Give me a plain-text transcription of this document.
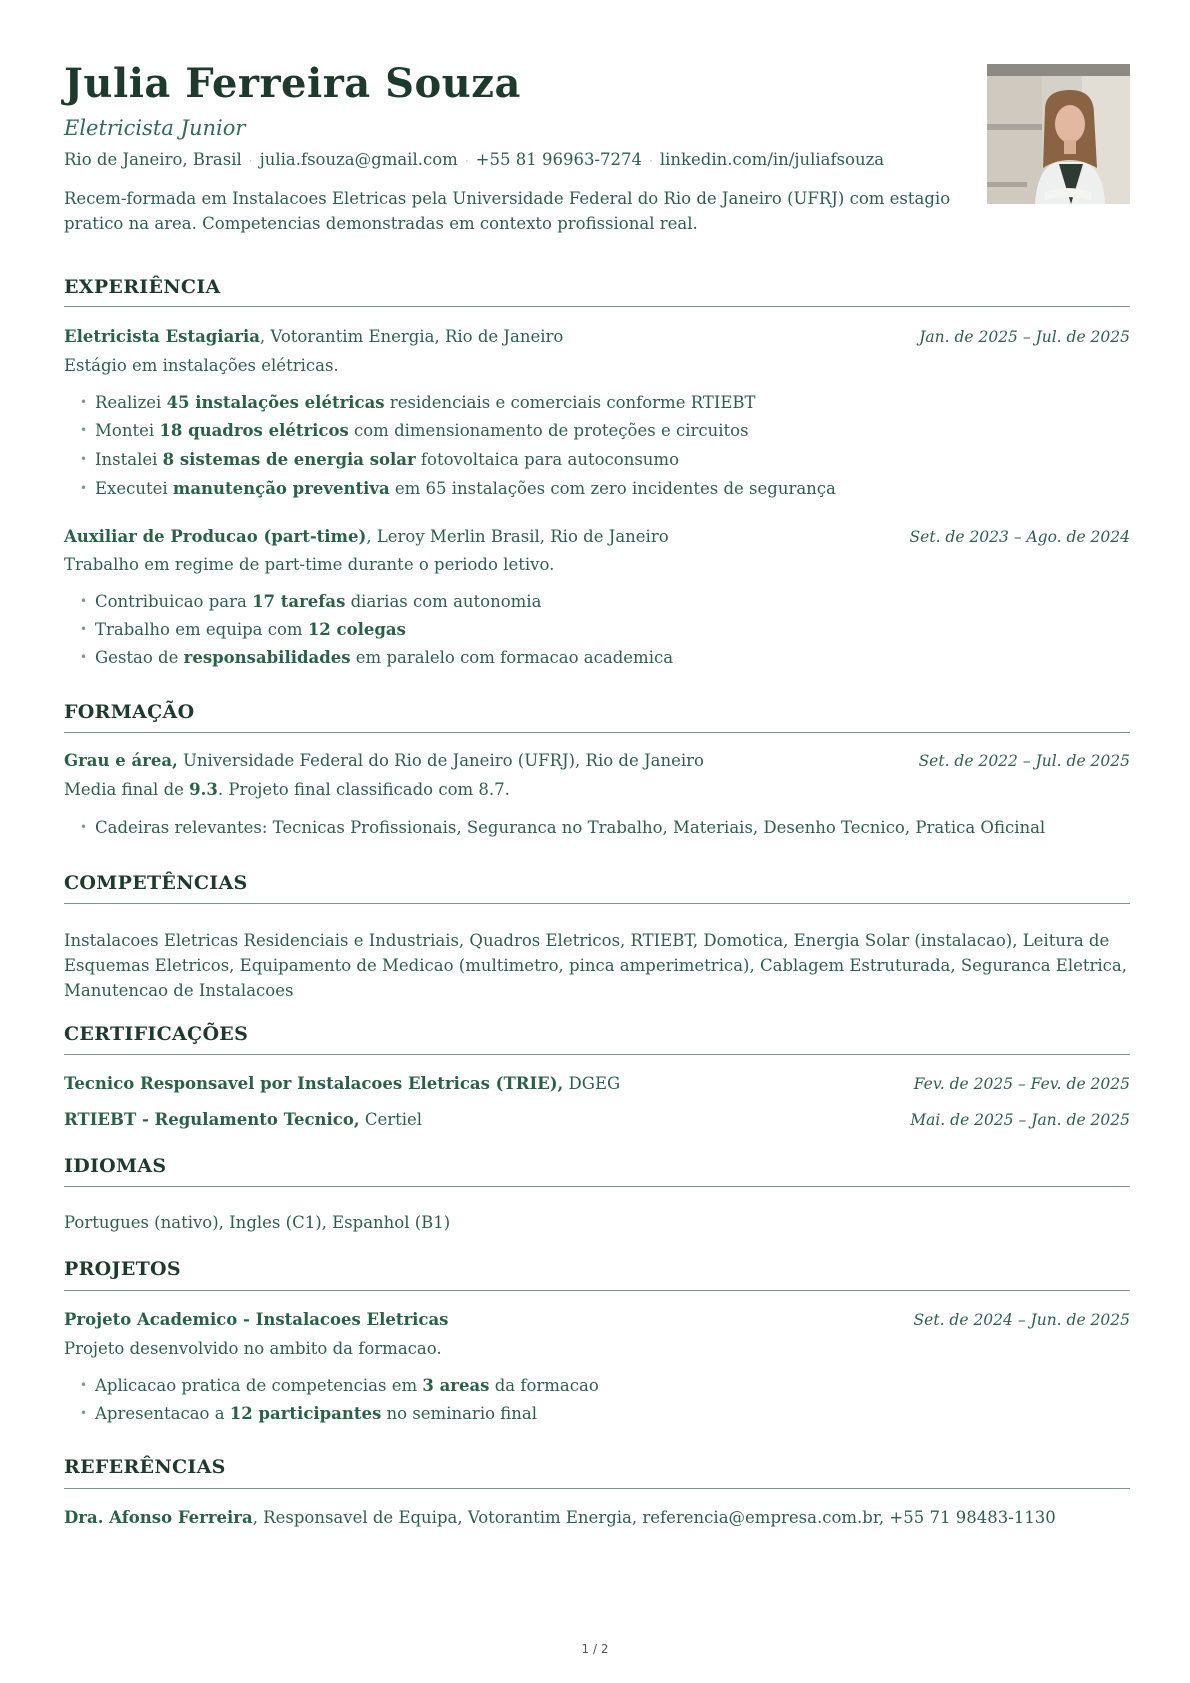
Julia Ferreira Souza
Eletricista Junior
Rio de Janeiro, Brasil · julia.fsouza@gmail.com · +55 81 96963-7274 · linkedin.com/in/juliafsouza
Recem-formada em Instalacoes Eletricas pela Universidade Federal do Rio de Janeiro (UFRJ) com estagio pratico na area. Competencias demonstradas em contexto profissional real.
EXPERIÊNCIA
Eletricista Estagiaria, Votorantim Energia, Rio de Janeiro	Jan. de 2025 – Jul. de 2025
Estágio em instalações elétricas.
• Realizei 45 instalações elétricas residenciais e comerciais conforme RTIEBT
• Montei 18 quadros elétricos com dimensionamento de proteções e circuitos
• Instalei 8 sistemas de energia solar fotovoltaica para autoconsumo
• Executei manutenção preventiva em 65 instalações com zero incidentes de segurança
Auxiliar de Producao (part-time), Leroy Merlin Brasil, Rio de Janeiro	Set. de 2023 – Ago. de 2024
Trabalho em regime de part-time durante o periodo letivo.
• Contribuicao para 17 tarefas diarias com autonomia
• Trabalho em equipa com 12 colegas
• Gestao de responsabilidades em paralelo com formacao academica
FORMAÇÃO
Grau e área, Universidade Federal do Rio de Janeiro (UFRJ), Rio de Janeiro	Set. de 2022 – Jul. de 2025
Media final de 9.3. Projeto final classificado com 8.7.
• Cadeiras relevantes: Tecnicas Profissionais, Seguranca no Trabalho, Materiais, Desenho Tecnico, Pratica Oficinal
COMPETÊNCIAS
Instalacoes Eletricas Residenciais e Industriais, Quadros Eletricos, RTIEBT, Domotica, Energia Solar (instalacao), Leitura de Esquemas Eletricos, Equipamento de Medicao (multimetro, pinca amperimetrica), Cablagem Estruturada, Seguranca Eletrica, Manutencao de Instalacoes
CERTIFICAÇÕES
Tecnico Responsavel por Instalacoes Eletricas (TRIE), DGEG	Fev. de 2025 – Fev. de 2025
RTIEBT - Regulamento Tecnico, Certiel	Mai. de 2025 – Jan. de 2025
IDIOMAS
Portugues (nativo), Ingles (C1), Espanhol (B1)
PROJETOS
Projeto Academico - Instalacoes Eletricas	Set. de 2024 – Jun. de 2025
Projeto desenvolvido no ambito da formacao.
• Aplicacao pratica de competencias em 3 areas da formacao
• Apresentacao a 12 participantes no seminario final
REFERÊNCIAS
Dra. Afonso Ferreira, Responsavel de Equipa, Votorantim Energia, referencia@empresa.com.br, +55 71 98483-1130
1 / 2
